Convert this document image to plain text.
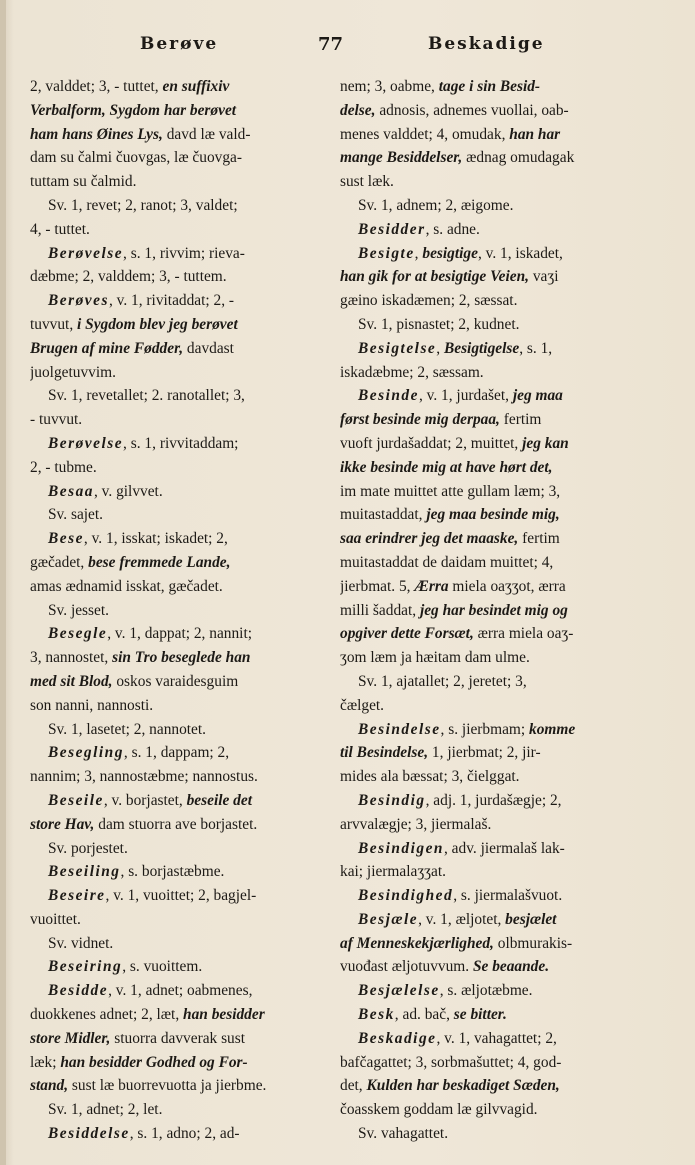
Berøve	77	Beskadige
2, valddet; 3, - tuttet, en suffixiv
Verbalform, Sygdom har berøvet
ham hans Øines Lys, davd læ vald-
dam su čalmi čuovgas, læ čuovga-
tuttam su čalmid.
Sv. 1, revet; 2, ranot; 3, valdet;
4, - tuttet.
Berøvelse, s. 1, rivvim; rieva-
dæbme; 2, valddem; 3, - tuttem.
Berøves, v. 1, rivitaddat; 2, -
tuvvut, i Sygdom blev jeg berøvet
Brugen af mine Fødder, davdast
juolgetuvvim.
Sv. 1, revetallet; 2. ranotallet; 3,
- tuvvut.
Berøvelse, s. 1, rivvitaddam;
2, - tubme.
Besaa, v. gilvvet.
Sv. sajet.
Bese, v. 1, isskat; iskadet; 2,
gæčadet, bese fremmede Lande,
amas ædnamid isskat, gæčadet.
Sv. jesset.
Besegle, v. 1, dappat; 2, nannit;
3, nannostet, sin Tro beseglede han
med sit Blod, oskos varaidesguim
son nanni, nannosti.
Sv. 1, lasetet; 2, nannotet.
Besegling, s. 1, dappam; 2,
nannim; 3, nannostæbme; nannostus.
Beseile, v. borjastet, beseile det
store Hav, dam stuorra ave borjastet.
Sv. porjestet.
Beseiling, s. borjastæbme.
Beseire, v. 1, vuoittet; 2, bagjel-
vuoittet.
Sv. vidnet.
Beseiring, s. vuoittem.
Besidde, v. 1, adnet; oabmenes,
duokkenes adnet; 2, læt, han besidder
store Midler, stuorra davverak sust
læk; han besidder Godhed og For-
stand, sust læ buorrevuotta ja jierbme.
Sv. 1, adnet; 2, let.
Besiddelse, s. 1, adno; 2, ad-
nem; 3, oabme, tage i sin Besid-
delse, adnosis, adnemes vuollai, oab-
menes valddet; 4, omudak, han har
mange Besiddelser, ædnag omudagak
sust læk.
Sv. 1, adnem; 2, æigome.
Besidder, s. adne.
Besigte, besigtige, v. 1, iskadet,
han gik for at besigtige Veien, vaʒi
gæino iskadæmen; 2, sæssat.
Sv. 1, pisnastet; 2, kudnet.
Besigtelse, Besigtigelse, s. 1,
iskadæbme; 2, sæssam.
Besinde, v. 1, jurdašet, jeg maa
først besinde mig derpaa, fertim
vuoft jurdašaddat; 2, muittet, jeg kan
ikke besinde mig at have hørt det,
im mate muittet atte gullam læm; 3,
muitastaddat, jeg maa besinde mig,
saa erindrer jeg det maaske, fertim
muitastaddat de daidam muittet; 4,
jierbmat. 5, Ærra miela oaʒʒot, ærra
milli šaddat, jeg har besindet mig og
opgiver dette Forsæt, ærra miela oaʒ-
ʒom læm ja hæitam dam ulme.
Sv. 1, ajatallet; 2, jeretet; 3,
čælget.
Besindelse, s. jierbmam; komme
til Besindelse, 1, jierbmat; 2, jir-
mides ala bæssat; 3, čielggat.
Besindig, adj. 1, jurdašægje; 2,
arvvalægje; 3, jiermalaš.
Besindigen, adv. jiermalaš lak-
kai; jiermalaʒʒat.
Besindighed, s. jiermalašvuot.
Besjæle, v. 1, æljotet, besjælet
af Menneskekjærlighed, olbmurakis-
vuođast æljotuvvum. Se beaande.
Besjælelse, s. æljotæbme.
Besk, ad. bač, se bitter.
Beskadige, v. 1, vahagattet; 2,
bafčagattet; 3, sorbmašuttet; 4, god-
det, Kulden har beskadiget Sæden,
čoasskem goddam læ gilvvagid.
Sv. vahagattet.
